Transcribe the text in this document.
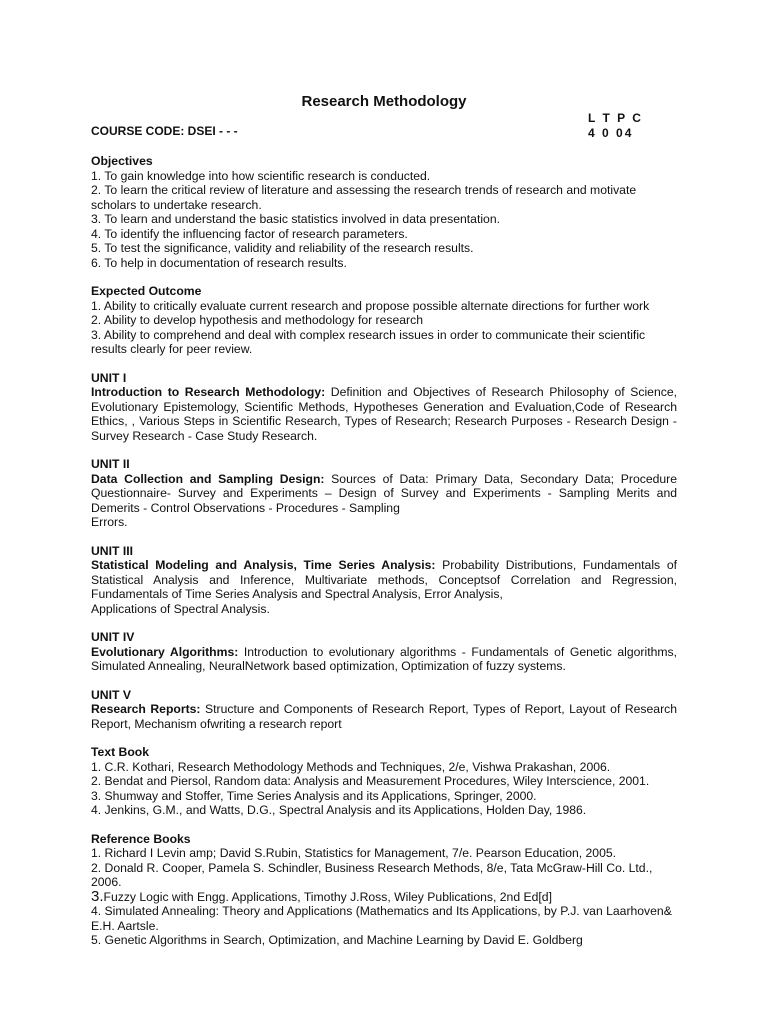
Research Methodology
L T P C
4 0 04
COURSE CODE: DSEI - - -

Objectives

1. To gain knowledge into how scientific research is conducted.

2. To learn the critical review of literature and assessing the research trends of research and motivate scholars to undertake research.

3. To learn and understand the basic statistics involved in data presentation.

4. To identify the influencing factor of research parameters.

5. To test the significance, validity and reliability of the research results.

6. To help in documentation of research results.

Expected Outcome

1. Ability to critically evaluate current research and propose possible alternate directions for further work

2. Ability to develop hypothesis and methodology for research

3. Ability to comprehend and deal with complex research issues in order to communicate their scientific results clearly for peer review.

UNIT I

Introduction to Research Methodology: Definition and Objectives of Research Philosophy of Science, Evolutionary Epistemology, Scientific Methods, Hypotheses Generation and Evaluation,Code of Research Ethics, , Various Steps in Scientific Research, Types of Research; Research Purposes - Research Design - Survey Research - Case Study Research.

UNIT II

Data Collection and Sampling Design: Sources of Data: Primary Data, Secondary Data; Procedure Questionnaire- Survey and Experiments – Design of Survey and Experiments - Sampling Merits and Demerits - Control Observations - Procedures - Sampling

Errors.

UNIT III

Statistical Modeling and Analysis, Time Series Analysis: Probability Distributions, Fundamentals of Statistical Analysis and Inference, Multivariate methods, Conceptsof Correlation and Regression, Fundamentals of Time Series Analysis and Spectral Analysis, Error Analysis,

Applications of Spectral Analysis.

UNIT IV

Evolutionary Algorithms: Introduction to evolutionary algorithms - Fundamentals of Genetic algorithms, Simulated Annealing, NeuralNetwork based optimization, Optimization of fuzzy systems.

UNIT V

Research Reports: Structure and Components of Research Report, Types of Report, Layout of Research Report, Mechanism ofwriting a research report

Text Book

1. C.R. Kothari, Research Methodology Methods and Techniques, 2/e, Vishwa Prakashan, 2006.

2. Bendat and Piersol, Random data: Analysis and Measurement Procedures, Wiley Interscience, 2001.

3. Shumway and Stoffer, Time Series Analysis and its Applications, Springer, 2000.

4. Jenkins, G.M., and Watts, D.G., Spectral Analysis and its Applications, Holden Day, 1986.

Reference Books

1. Richard I Levin amp; David S.Rubin, Statistics for Management, 7/e. Pearson Education, 2005.

2. Donald R. Cooper, Pamela S. Schindler, Business Research Methods, 8/e, Tata McGraw-Hill Co. Ltd., 2006.

3.Fuzzy Logic with Engg. Applications, Timothy J.Ross, Wiley Publications, 2nd Ed[d]

4. Simulated Annealing: Theory and Applications (Mathematics and Its Applications, by P.J. van Laarhoven& E.H. Aartsle.

5. Genetic Algorithms in Search, Optimization, and Machine Learning by David E. Goldberg
